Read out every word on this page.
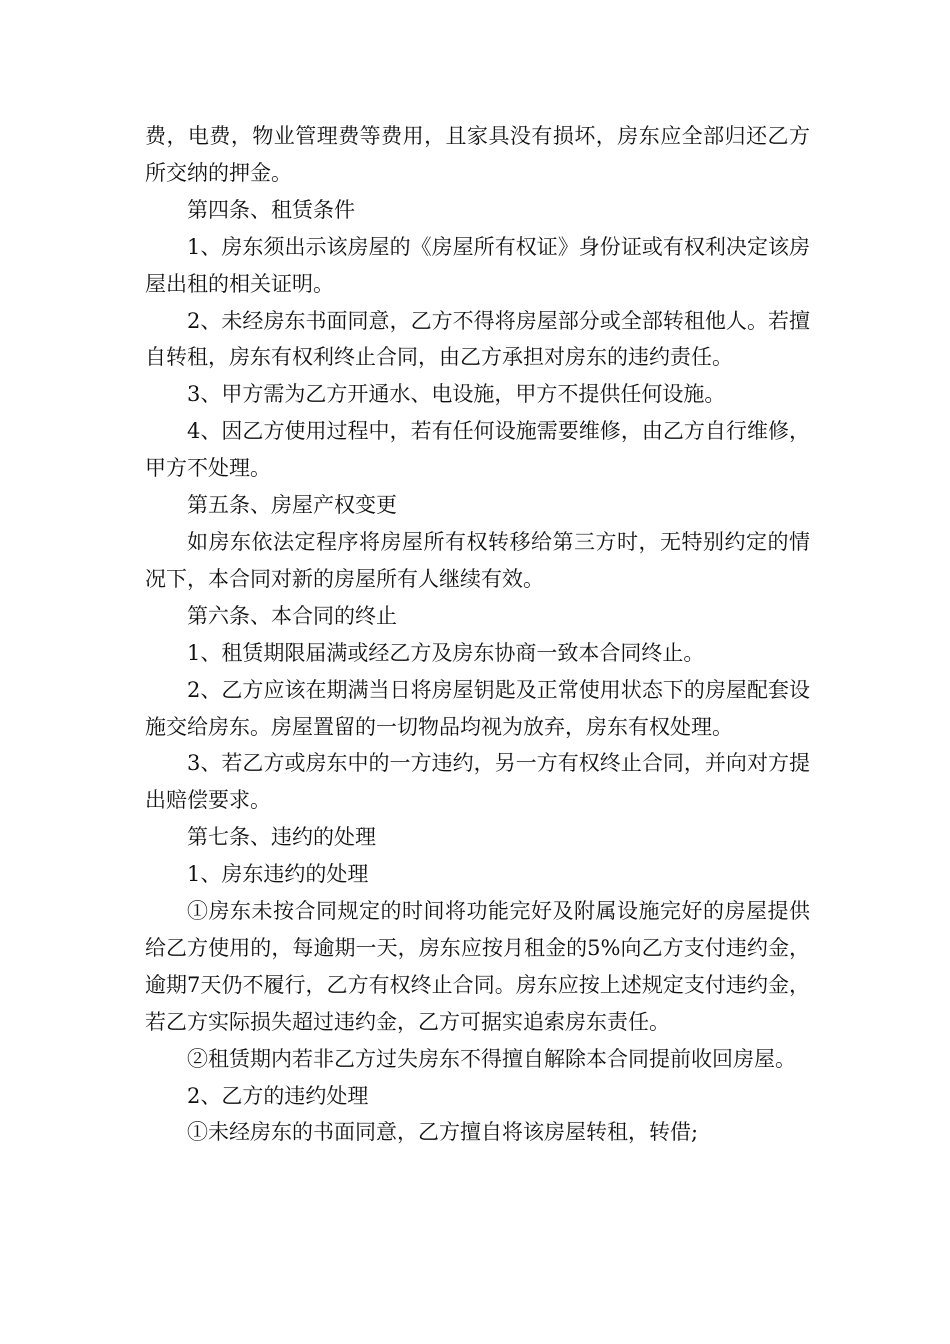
费，电费，物业管理费等费用，且家具没有损坏，房东应全部归还乙方所交纳的押金。

第四条、租赁条件

1、房东须出示该房屋的《房屋所有权证》身份证或有权利决定该房屋出租的相关证明。

2、未经房东书面同意，乙方不得将房屋部分或全部转租他人。若擅自转租，房东有权利终止合同，由乙方承担对房东的违约责任。

3、甲方需为乙方开通水、电设施，甲方不提供任何设施。

4、因乙方使用过程中，若有任何设施需要维修，由乙方自行维修，甲方不处理。

第五条、房屋产权变更

如房东依法定程序将房屋所有权转移给第三方时，无特别约定的情况下，本合同对新的房屋所有人继续有效。

第六条、本合同的终止

1、租赁期限届满或经乙方及房东协商一致本合同终止。

2、乙方应该在期满当日将房屋钥匙及正常使用状态下的房屋配套设施交给房东。房屋置留的一切物品均视为放弃，房东有权处理。

3、若乙方或房东中的一方违约，另一方有权终止合同，并向对方提出赔偿要求。

第七条、违约的处理

1、房东违约的处理

①房东未按合同规定的时间将功能完好及附属设施完好的房屋提供给乙方使用的，每逾期一天，房东应按月租金的5%向乙方支付违约金，逾期7天仍不履行，乙方有权终止合同。房东应按上述规定支付违约金，若乙方实际损失超过违约金，乙方可据实追索房东责任。

②租赁期内若非乙方过失房东不得擅自解除本合同提前收回房屋。

2、乙方的违约处理

①未经房东的书面同意，乙方擅自将该房屋转租，转借;
